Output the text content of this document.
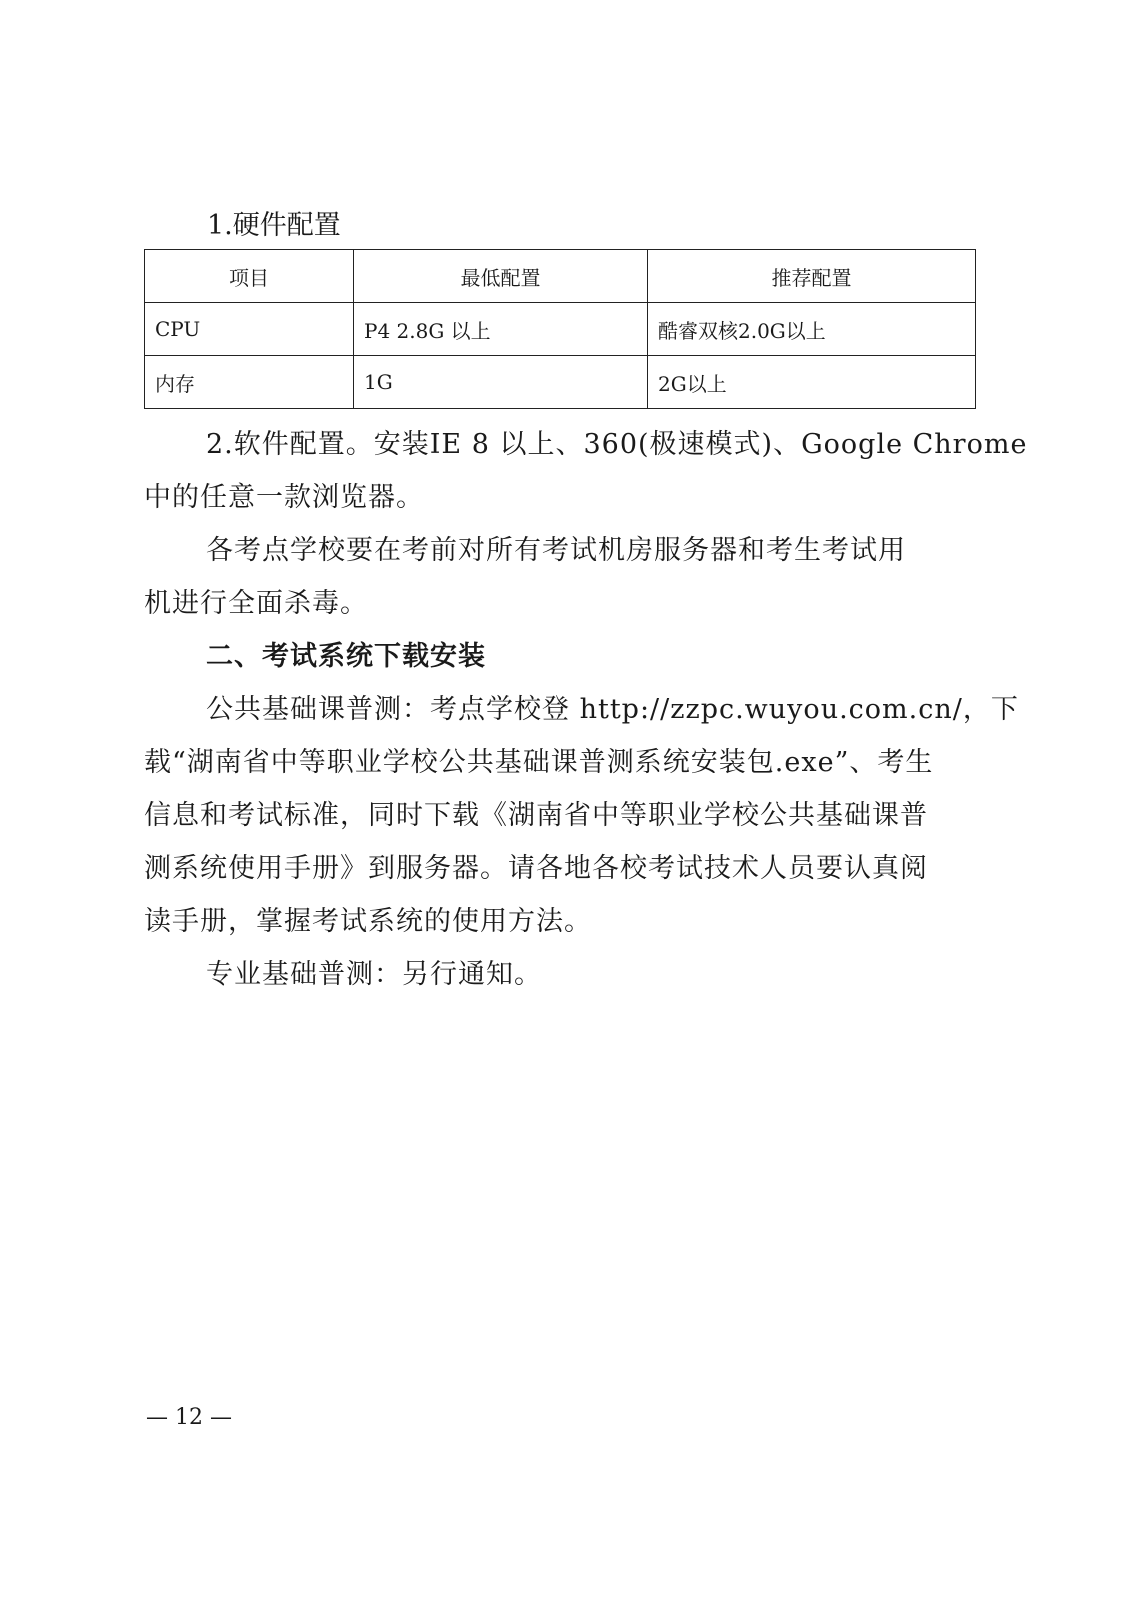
1.硬件配置
项目	最低配置	推荐配置
CPU	P4 2.8G 以上	酷睿双核2.0G以上
内存	1G	2G以上

2.软件配置。安装IE 8 以上、360(极速模式)、Google Chrome
中的任意一款浏览器。

各考点学校要在考前对所有考试机房服务器和考生考试用
机进行全面杀毒。

二、考试系统下载安装

公共基础课普测：考点学校登 http://zzpc.wuyou.com.cn/，下
载“湖南省中等职业学校公共基础课普测系统安装包.exe”、考生
信息和考试标准，同时下载《湖南省中等职业学校公共基础课普
测系统使用手册》到服务器。请各地各校考试技术人员要认真阅
读手册，掌握考试系统的使用方法。

专业基础普测：另行通知。

— 12 —
